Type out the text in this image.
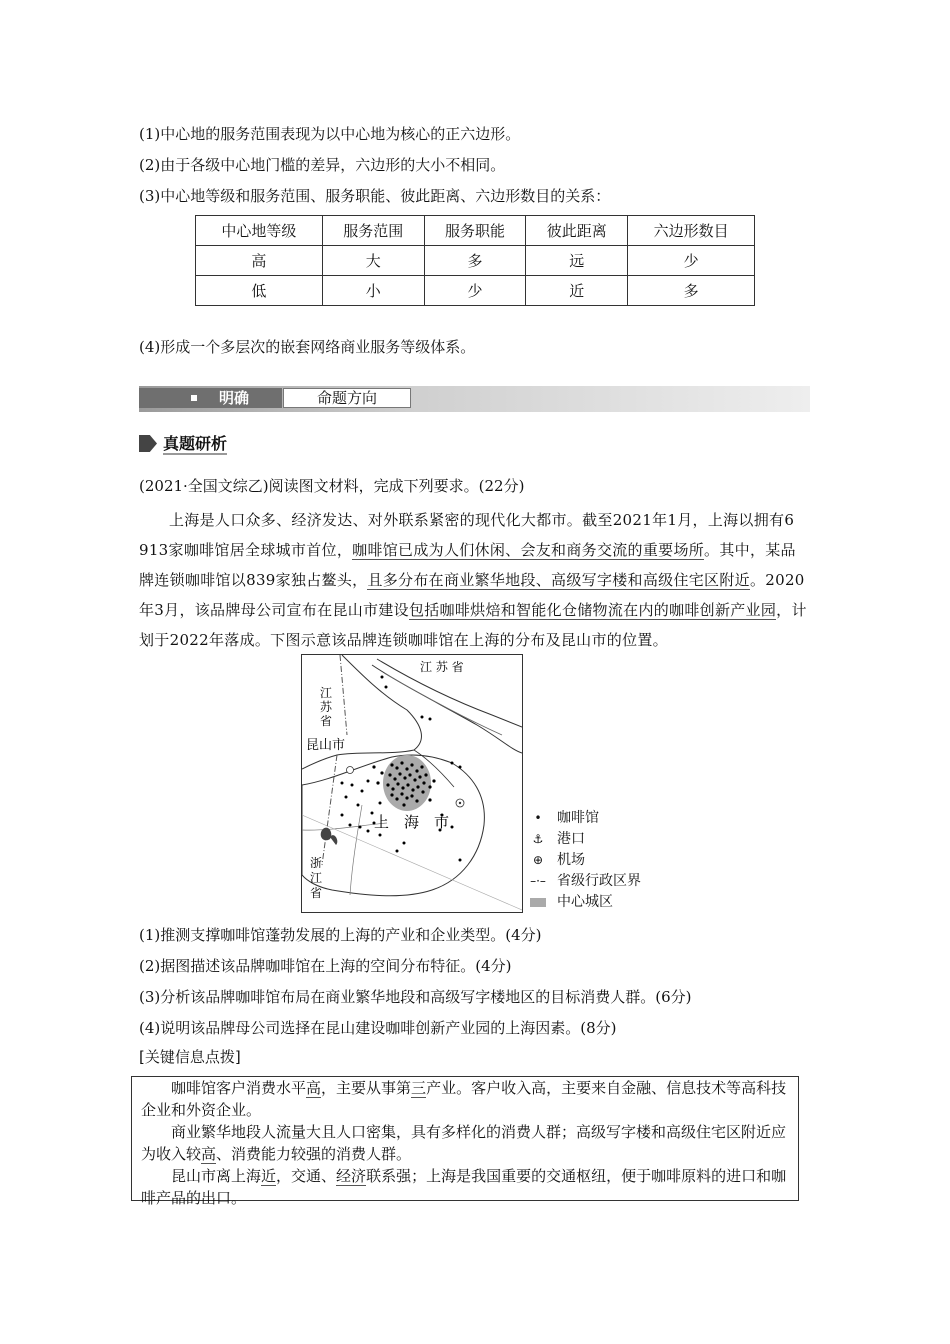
(1)中心地的服务范围表现为以中心地为核心的正六边形。
(2)由于各级中心地门槛的差异，六边形的大小不相同。
(3)中心地等级和服务范围、服务职能、彼此距离、六边形数目的关系：
中心地等级	服务范围	服务职能	彼此距离	六边形数目
高	大	多	远	少
低	小	少	近	多
(4)形成一个多层次的嵌套网络商业服务等级体系。
明确	命题方向
真题研析
(2021·全国文综乙)阅读图文材料，完成下列要求。(22分)
上海是人口众多、经济发达、对外联系紧密的现代化大都市。截至2021年1月，上海以拥有6 913家咖啡馆居全球城市首位，咖啡馆已成为人们休闲、会友和商务交流的重要场所。其中，某品牌连锁咖啡馆以839家独占鳌头，且多分布在商业繁华地段、高级写字楼和高级住宅区附近。2020年3月，该品牌母公司宣布在昆山市建设包括咖啡烘焙和智能化仓储物流在内的咖啡创新产业园，计划于2022年落成。下图示意该品牌连锁咖啡馆在上海的分布及昆山市的位置。
江 苏 省
江
苏
省
昆山市
上 海 市
浙
江
省
• 咖啡馆
⚓ 港口
⊕ 机场
–·– 省级行政区界
中心城区
(1)推测支撑咖啡馆蓬勃发展的上海的产业和企业类型。(4分)
(2)据图描述该品牌咖啡馆在上海的空间分布特征。(4分)
(3)分析该品牌咖啡馆布局在商业繁华地段和高级写字楼地区的目标消费人群。(6分)
(4)说明该品牌母公司选择在昆山建设咖啡创新产业园的上海因素。(8分)
[关键信息点拨]

咖啡馆客户消费水平高，主要从事第三产业。客户收入高，主要来自金融、信息技术等高科技企业和外资企业。

商业繁华地段人流量大且人口密集，具有多样化的消费人群；高级写字楼和高级住宅区附近应为收入较高、消费能力较强的消费人群。

昆山市离上海近，交通、经济联系强；上海是我国重要的交通枢纽，便于咖啡原料的进口和咖啡产品的出口。
